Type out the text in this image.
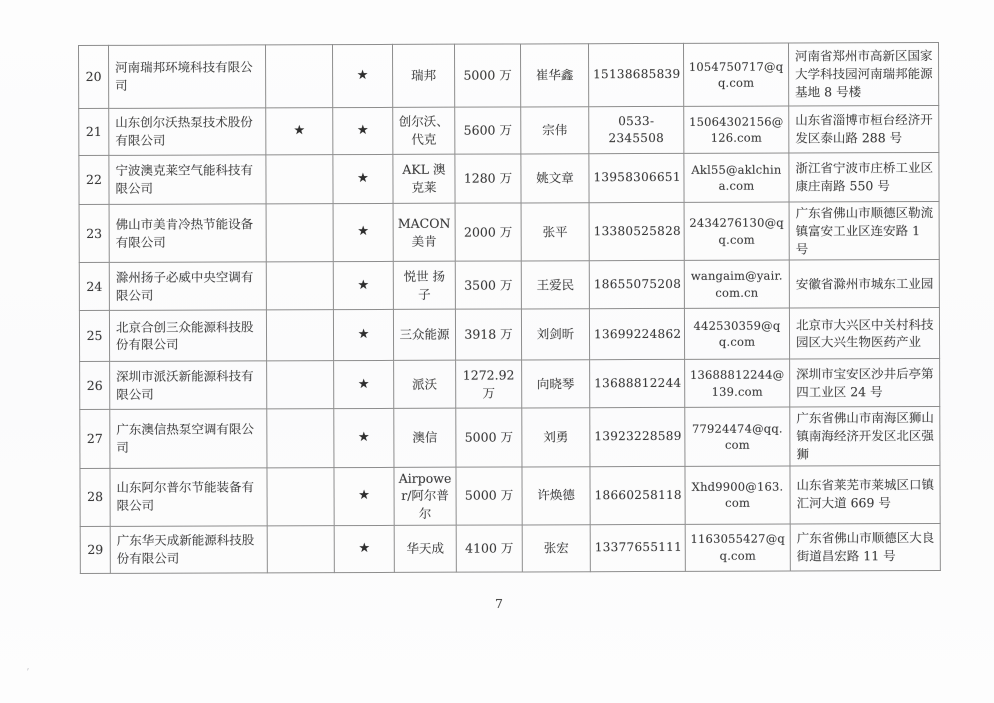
20	河南瑞邦环境科技有限公司		★	瑞邦	5000 万	崔华鑫	15138685839	1054750717@qq.com	河南省郑州市高新区国家大学科技园河南瑞邦能源基地 8 号楼
21	山东创尔沃热泵技术股份有限公司	★	★	创尔沃、代克	5600 万	宗伟	0533-2345508	15064302156@126.com	山东省淄博市桓台经济开发区泰山路 288 号
22	宁波澳克莱空气能科技有限公司		★	AKL 澳克莱	1280 万	姚文章	13958306651	Akl55@aklchina.com	浙江省宁波市庄桥工业区康庄南路 550 号
23	佛山市美肯冷热节能设备有限公司		★	MACON 美肯	2000 万	张平	13380525828	2434276130@qq.com	广东省佛山市顺德区勒流镇富安工业区连安路 1 号
24	滁州扬子必威中央空调有限公司		★	悦世 扬子	3500 万	王爱民	18655075208	wangaim@yair.com.cn	安徽省滁州市城东工业园
25	北京合创三众能源科技股份有限公司		★	三众能源	3918 万	刘剑昕	13699224862	442530359@qq.com	北京市大兴区中关村科技园区大兴生物医药产业
26	深圳市派沃新能源科技有限公司		★	派沃	1272.92 万	向晓琴	13688812244	13688812244@139.com	深圳市宝安区沙井后亭第四工业区 24 号
27	广东澳信热泵空调有限公司		★	澳信	5000 万	刘勇	13923228589	77924474@qq.com	广东省佛山市南海区狮山镇南海经济开发区北区强狮
28	山东阿尔普尔节能装备有限公司		★	Airpower/阿尔普尔	5000 万	许焕德	18660258118	Xhd9900@163.com	山东省莱芜市莱城区口镇汇河大道 669 号
29	广东华天成新能源科技股份有限公司		★	华天成	4100 万	张宏	13377655111	1163055427@qq.com	广东省佛山市顺德区大良街道昌宏路 11 号
7
ʹ
